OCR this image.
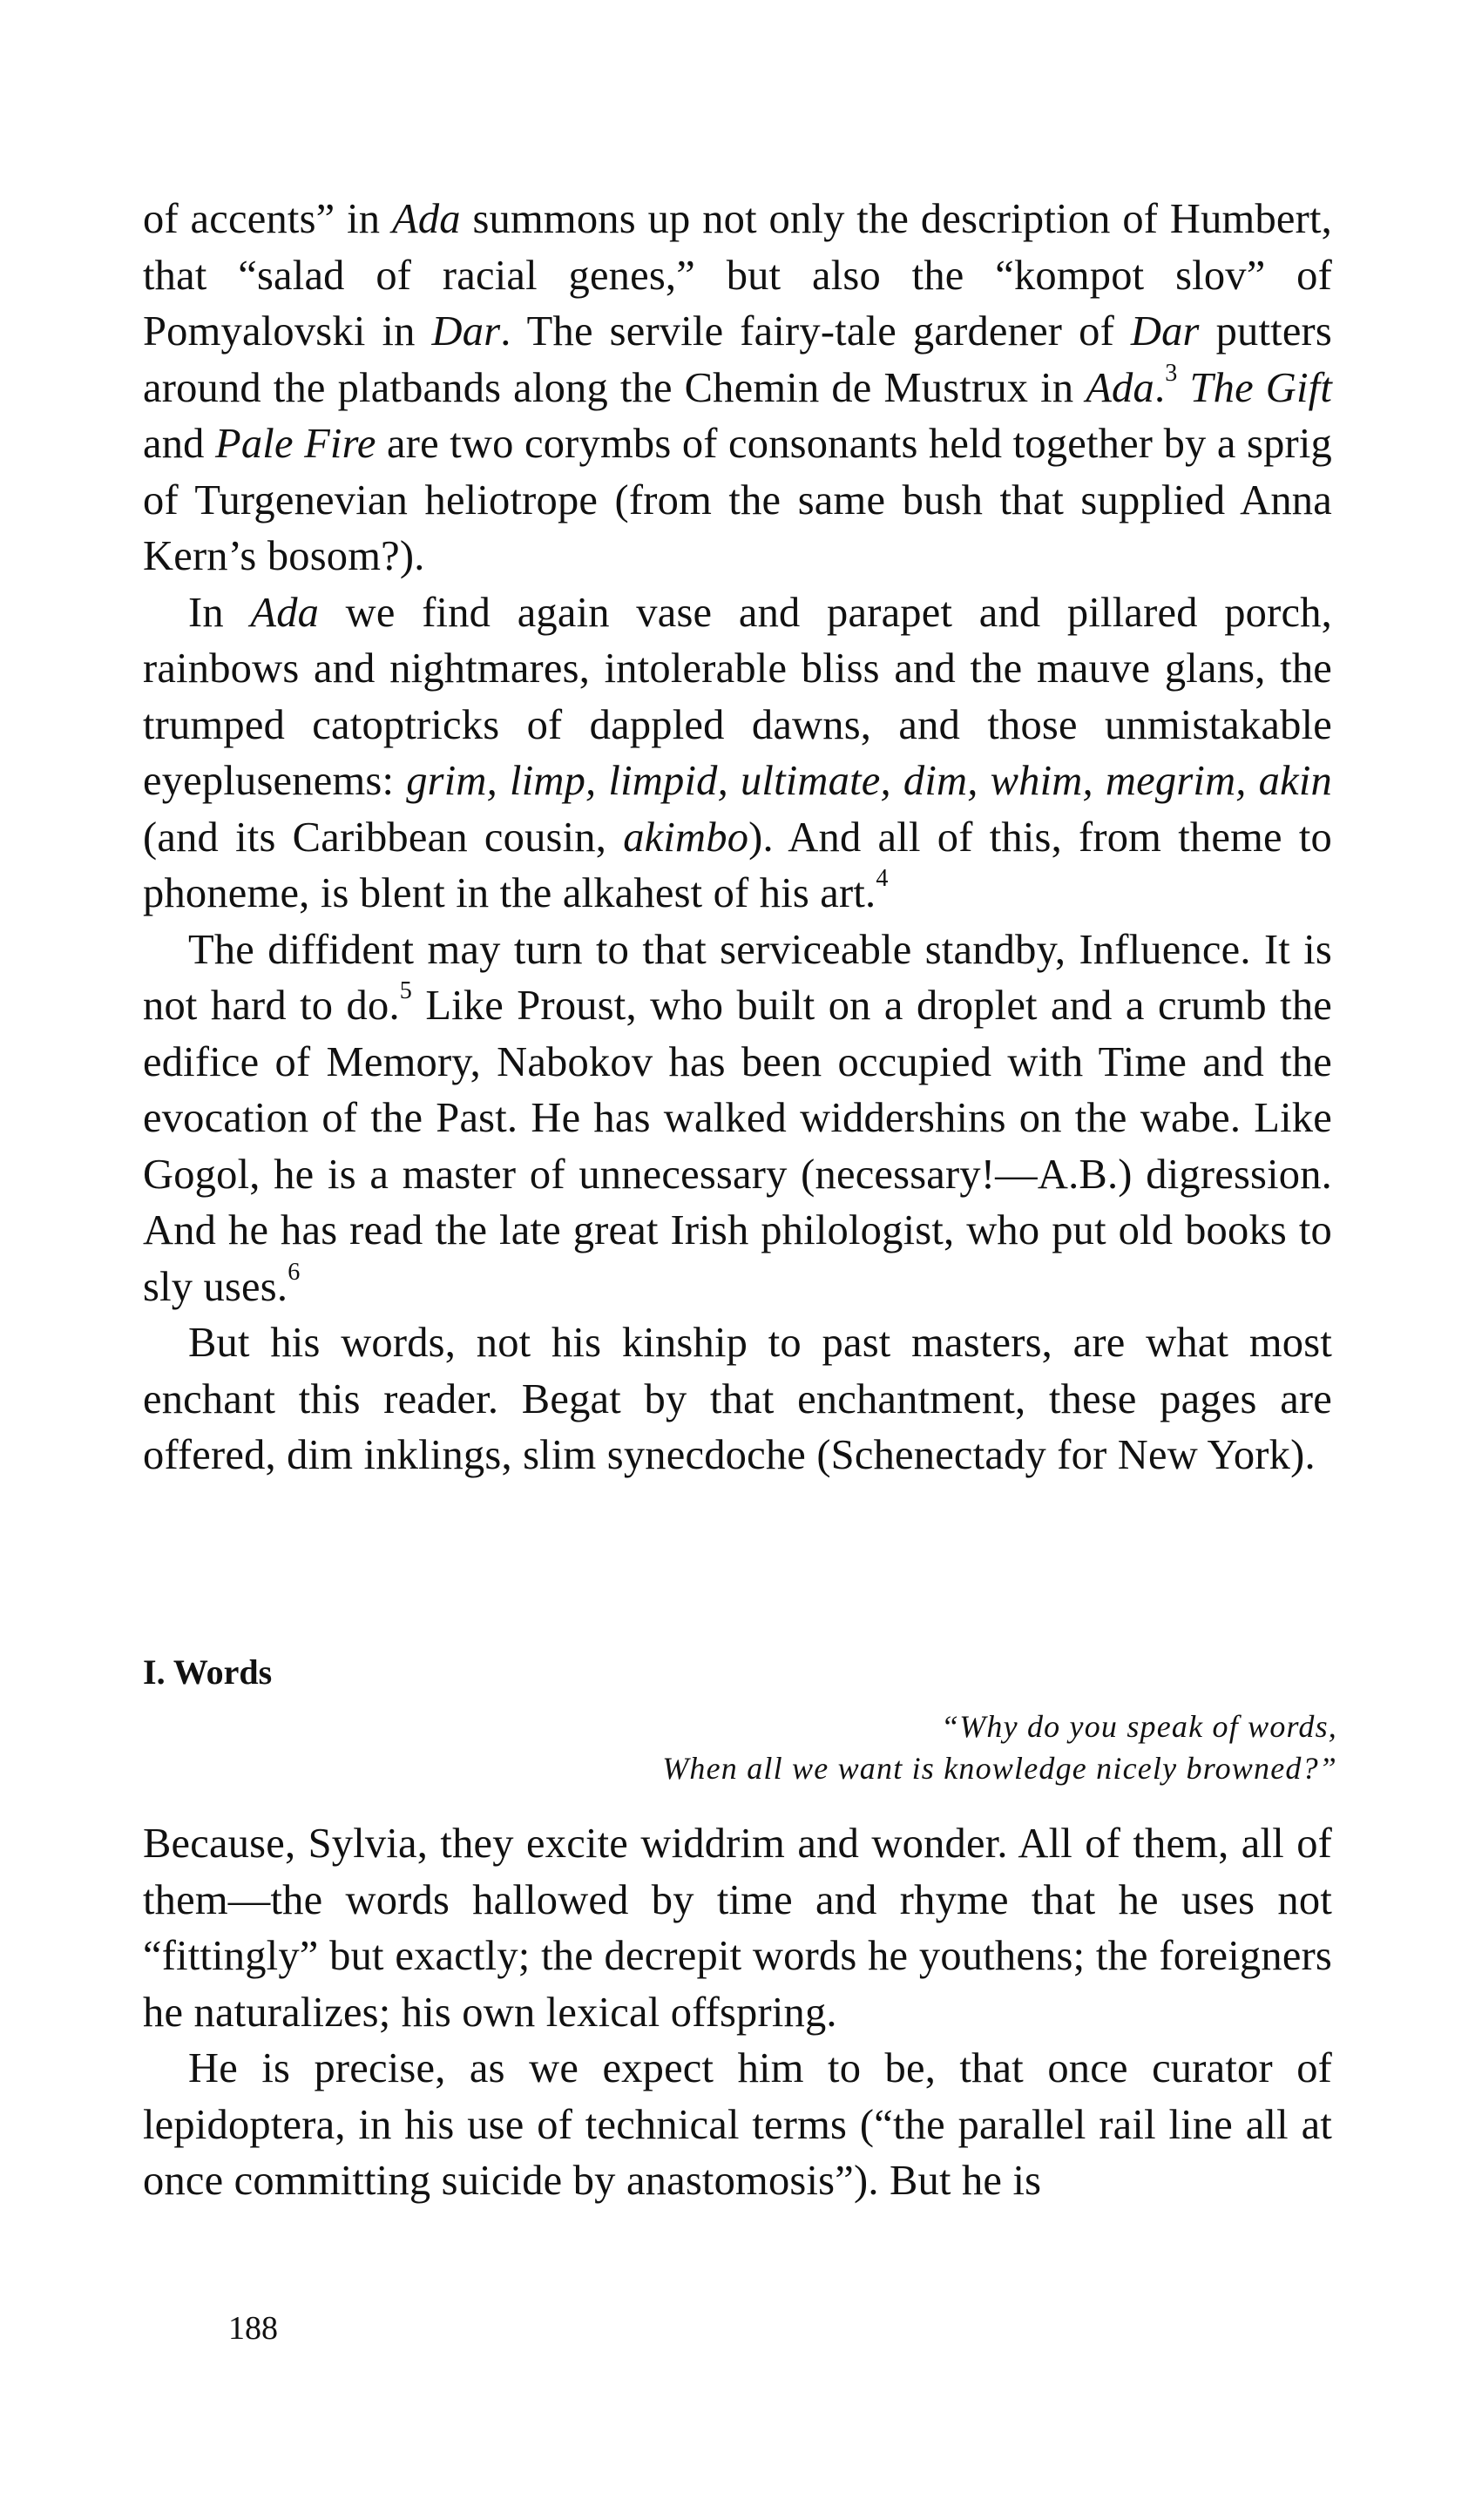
of accents” in Ada summons up not only the description of Humbert, that “salad of racial genes,” but also the “kompot slov” of Pomyalovski in Dar. The servile fairy-tale gardener of Dar putters around the platbands along the Chemin de Mustrux in Ada.$^3$ The Gift and Pale Fire are two corymbs of consonants held together by a sprig of Turgenevian heliotrope (from the same bush that supplied Anna Kern’s bosom?).

In Ada we find again vase and parapet and pillared porch, rainbows and nightmares, intolerable bliss and the mauve glans, the trumped catoptricks of dappled dawns, and those unmistakable eyeplusenems: grim, limp, limpid, ultimate, dim, whim, megrim, akin (and its Caribbean cousin, akimbo). And all of this, from theme to phoneme, is blent in the alkahest of his art.$^4$

The diffident may turn to that serviceable standby, Influence. It is not hard to do.$^5$ Like Proust, who built on a droplet and a crumb the edifice of Memory, Nabokov has been occupied with Time and the evocation of the Past. He has walked widdershins on the wabe. Like Gogol, he is a master of unnecessary (necessary!—A.B.) digression. And he has read the late great Irish philologist, who put old books to sly uses.$^6$

But his words, not his kinship to past masters, are what most enchant this reader. Begat by that enchantment, these pages are offered, dim inklings, slim synecdoche (Schenectady for New York).

I. Words
“Why do you speak of words,
When all we want is knowledge nicely browned?”

Because, Sylvia, they excite widdrim and wonder. All of them, all of them—the words hallowed by time and rhyme that he uses not “fittingly” but exactly; the decrepit words he youthens; the foreigners he naturalizes; his own lexical offspring.

He is precise, as we expect him to be, that once curator of lepidoptera, in his use of technical terms (“the parallel rail line all at once committing suicide by anastomosis”). But he is

188
